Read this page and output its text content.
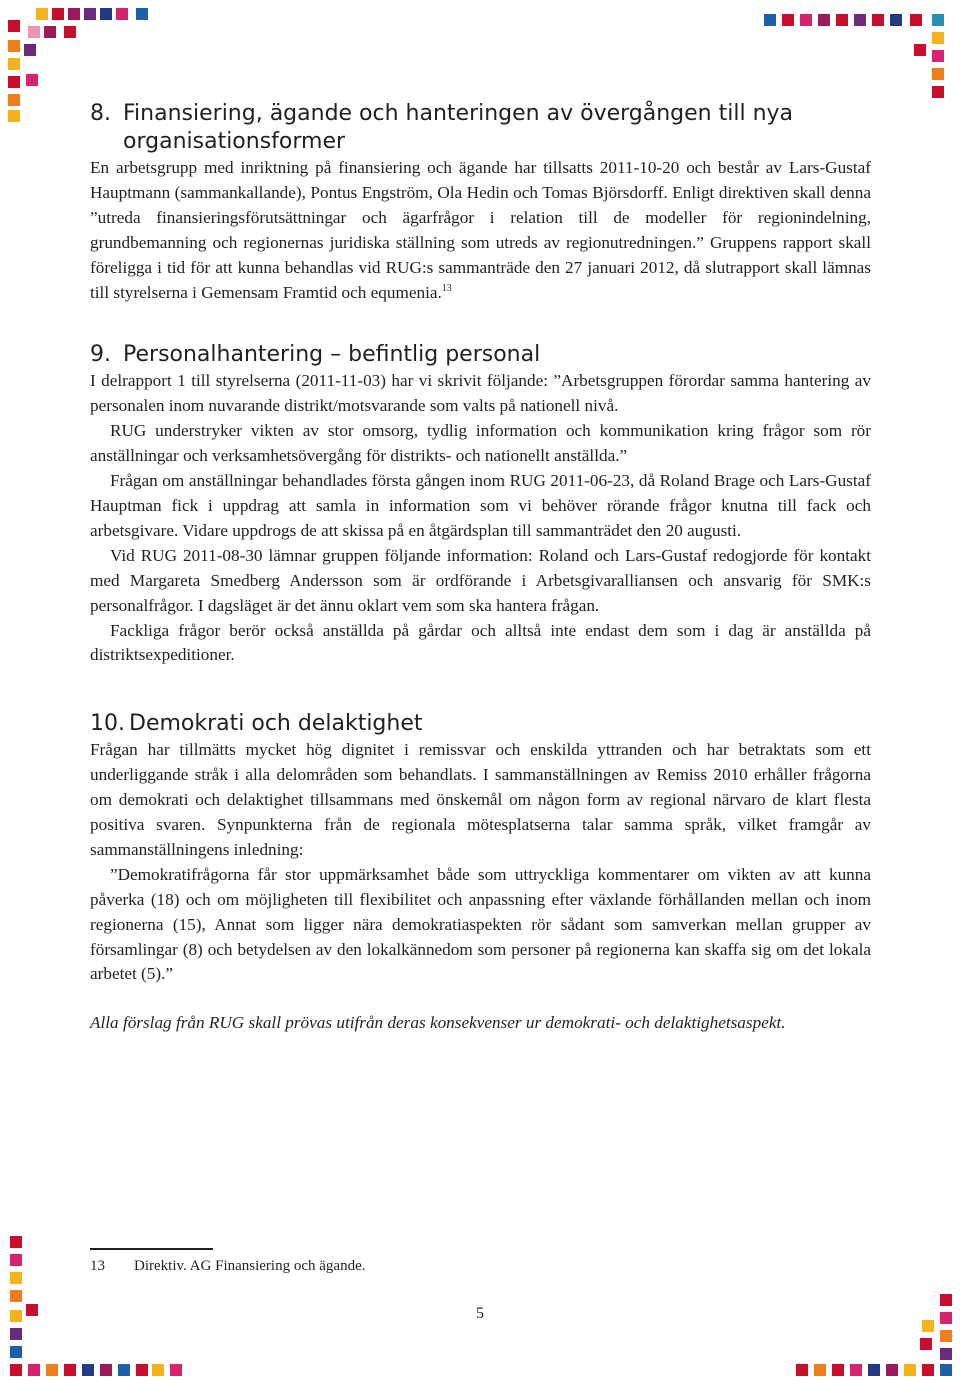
8. Finansiering, ägande och hanteringen av övergången till nya organisationsformer

En arbetsgrupp med inriktning på finansiering och ägande har tillsatts 2011-10-20 och består av Lars-Gustaf Hauptmann (sammankallande), Pontus Engström, Ola Hedin och Tomas Björsdorff. Enligt direktiven skall denna ”utreda finansieringsförutsättningar och ägarfrågor i relation till de modeller för regionindelning, grundbemanning och regionernas juridiska ställning som utreds av regionutredningen.” Gruppens rapport skall föreligga i tid för att kunna behandlas vid RUG:s sammanträde den 27 januari 2012, då slutrapport skall lämnas till styrelserna i Gemensam Framtid och equmenia.$^{13}$

9. Personalhantering – befintlig personal

I delrapport 1 till styrelserna (2011-11-03) har vi skrivit följande: ”Arbetsgruppen förordar samma hantering av personalen inom nuvarande distrikt/motsvarande som valts på nationell nivå.

RUG understryker vikten av stor omsorg, tydlig information och kommunikation kring frågor som rör anställningar och verksamhetsövergång för distrikts- och nationellt anställda.”

Frågan om anställningar behandlades första gången inom RUG 2011-06-23, då Roland Brage och Lars-Gustaf Hauptman fick i uppdrag att samla in information som vi behöver rörande frågor knutna till fack och arbetsgivare. Vidare uppdrogs de att skissa på en åtgärdsplan till sammanträdet den 20 augusti.

Vid RUG 2011-08-30 lämnar gruppen följande information: Roland och Lars-Gustaf redogjorde för kontakt med Margareta Smedberg Andersson som är ordförande i Arbetsgivaralliansen och ansvarig för SMK:s personalfrågor. I dagsläget är det ännu oklart vem som ska hantera frågan.

Fackliga frågor berör också anställda på gårdar och alltså inte endast dem som i dag är anställda på distriktsexpeditioner.

10. Demokrati och delaktighet

Frågan har tillmätts mycket hög dignitet i remissvar och enskilda yttranden och har betraktats som ett underliggande stråk i alla delområden som behandlats. I sammanställningen av Remiss 2010 erhåller frågorna om demokrati och delaktighet tillsammans med önskemål om någon form av regional närvaro de klart flesta positiva svaren. Synpunkterna från de regionala mötesplatserna talar samma språk, vilket framgår av sammanställningens inledning:

”Demokratifrågorna får stor uppmärksamhet både som uttryckliga kommentarer om vikten av att kunna påverka (18) och om möjligheten till flexibilitet och anpassning efter växlande förhållanden mellan och inom regionerna (15), Annat som ligger nära demokratiaspekten rör sådant som samverkan mellan grupper av församlingar (8) och betydelsen av den lokalkännedom som personer på regionerna kan skaffa sig om det lokala arbetet (5).”

Alla förslag från RUG skall prövas utifrån deras konsekvenser ur demokrati- och delaktighetsaspekt.

13	Direktiv. AG Finansiering och ägande.
5
